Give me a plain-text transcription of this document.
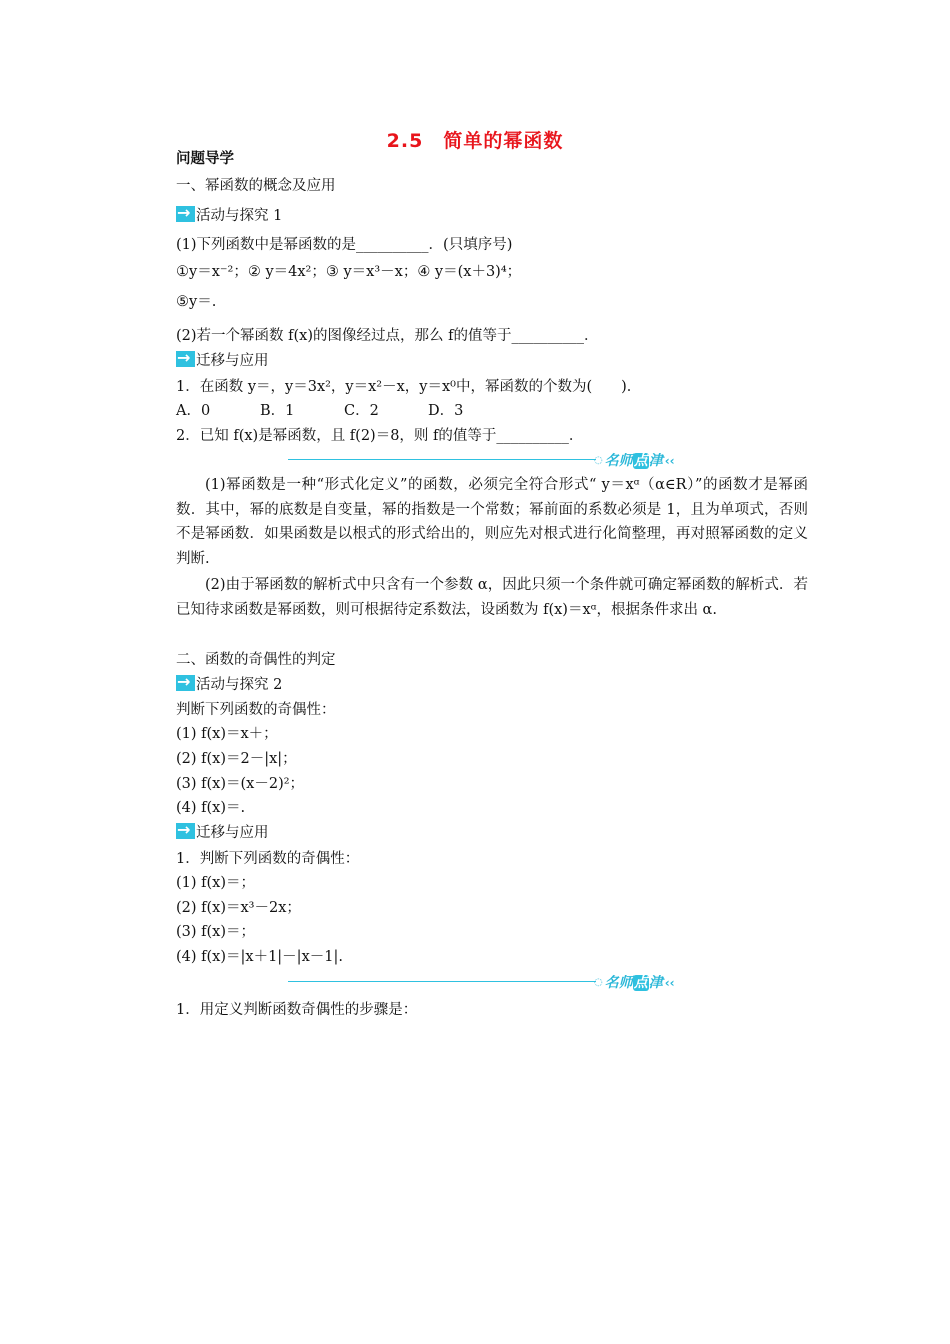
2.5　简单的幂函数
问题导学
一、幂函数的概念及应用
→活动与探究 1
(1)下列函数中是幂函数的是__________．(只填序号)
①y＝x⁻²；② y＝4x²；③ y＝x³－x；④ y＝(x＋3)⁴；
⑤y＝.
(2)若一个幂函数 f(x)的图像经过点，那么 f的值等于__________．
→迁移与应用
1．在函数 y＝，y＝3x²，y＝x²－x，y＝x⁰中，幂函数的个数为(　　)．
A．0	B．1	C．2	D．3
2．已知 f(x)是幂函数，且 f(2)＝8，则 f的值等于__________．
◌ 名师点津 ‹‹
(1)幂函数是一种“形式化定义”的函数，必须完全符合形式“ y＝xᵅ（α∈R）”的函数才是幂函数．其中，幂的底数是自变量，幂的指数是一个常数；幂前面的系数必须是 1，且为单项式，否则不是幂函数．如果函数是以根式的形式给出的，则应先对根式进行化简整理，再对照幂函数的定义判断.
(2)由于幂函数的解析式中只含有一个参数 α，因此只须一个条件就可确定幂函数的解析式．若已知待求函数是幂函数，则可根据待定系数法，设函数为 f(x)＝xᵅ，根据条件求出 α.
二、函数的奇偶性的判定
→活动与探究 2
判断下列函数的奇偶性：
(1) f(x)＝x＋；
(2) f(x)＝2－|x|；
(3) f(x)＝(x－2)²；
(4) f(x)＝.
→迁移与应用
1．判断下列函数的奇偶性：
(1) f(x)＝；
(2) f(x)＝x³－2x；
(3) f(x)＝；
(4) f(x)＝|x＋1|－|x－1|.
◌ 名师点津 ‹‹
1．用定义判断函数奇偶性的步骤是：
